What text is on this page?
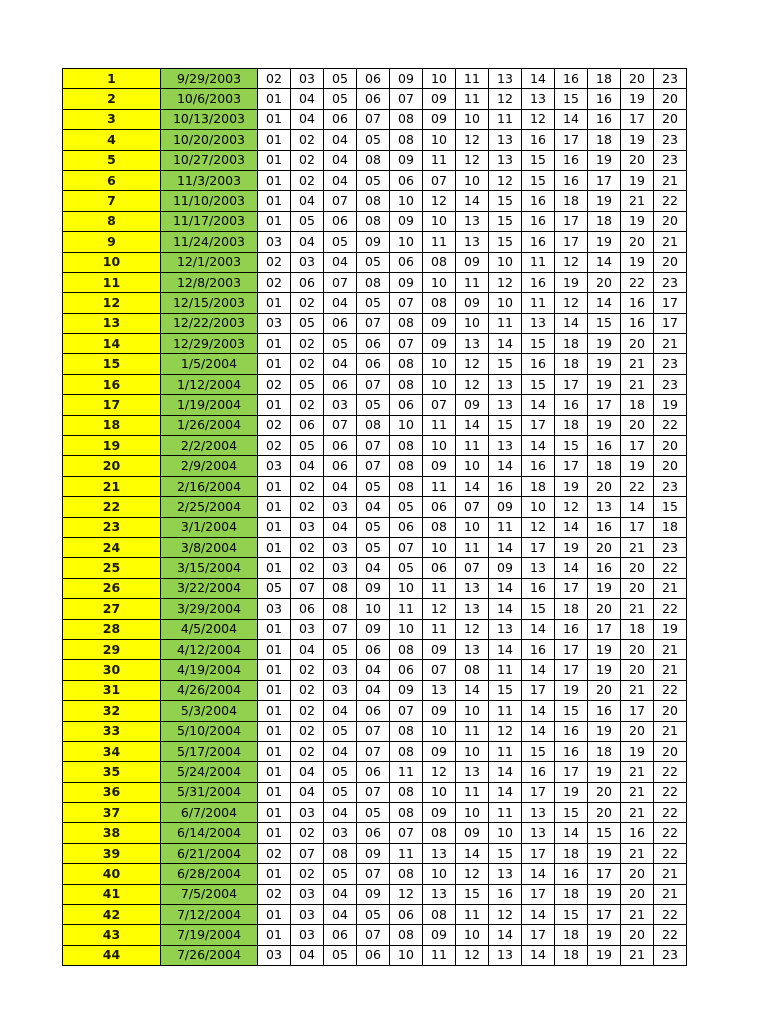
1	9/29/2003	02	03	05	06	09	10	11	13	14	16	18	20	23
2	10/6/2003	01	04	05	06	07	09	11	12	13	15	16	19	20
3	10/13/2003	01	04	06	07	08	09	10	11	12	14	16	17	20
4	10/20/2003	01	02	04	05	08	10	12	13	16	17	18	19	23
5	10/27/2003	01	02	04	08	09	11	12	13	15	16	19	20	23
6	11/3/2003	01	02	04	05	06	07	10	12	15	16	17	19	21
7	11/10/2003	01	04	07	08	10	12	14	15	16	18	19	21	22
8	11/17/2003	01	05	06	08	09	10	13	15	16	17	18	19	20
9	11/24/2003	03	04	05	09	10	11	13	15	16	17	19	20	21
10	12/1/2003	02	03	04	05	06	08	09	10	11	12	14	19	20
11	12/8/2003	02	06	07	08	09	10	11	12	16	19	20	22	23
12	12/15/2003	01	02	04	05	07	08	09	10	11	12	14	16	17
13	12/22/2003	03	05	06	07	08	09	10	11	13	14	15	16	17
14	12/29/2003	01	02	05	06	07	09	13	14	15	18	19	20	21
15	1/5/2004	01	02	04	06	08	10	12	15	16	18	19	21	23
16	1/12/2004	02	05	06	07	08	10	12	13	15	17	19	21	23
17	1/19/2004	01	02	03	05	06	07	09	13	14	16	17	18	19
18	1/26/2004	02	06	07	08	10	11	14	15	17	18	19	20	22
19	2/2/2004	02	05	06	07	08	10	11	13	14	15	16	17	20
20	2/9/2004	03	04	06	07	08	09	10	14	16	17	18	19	20
21	2/16/2004	01	02	04	05	08	11	14	16	18	19	20	22	23
22	2/25/2004	01	02	03	04	05	06	07	09	10	12	13	14	15
23	3/1/2004	01	03	04	05	06	08	10	11	12	14	16	17	18
24	3/8/2004	01	02	03	05	07	10	11	14	17	19	20	21	23
25	3/15/2004	01	02	03	04	05	06	07	09	13	14	16	20	22
26	3/22/2004	05	07	08	09	10	11	13	14	16	17	19	20	21
27	3/29/2004	03	06	08	10	11	12	13	14	15	18	20	21	22
28	4/5/2004	01	03	07	09	10	11	12	13	14	16	17	18	19
29	4/12/2004	01	04	05	06	08	09	13	14	16	17	19	20	21
30	4/19/2004	01	02	03	04	06	07	08	11	14	17	19	20	21
31	4/26/2004	01	02	03	04	09	13	14	15	17	19	20	21	22
32	5/3/2004	01	02	04	06	07	09	10	11	14	15	16	17	20
33	5/10/2004	01	02	05	07	08	10	11	12	14	16	19	20	21
34	5/17/2004	01	02	04	07	08	09	10	11	15	16	18	19	20
35	5/24/2004	01	04	05	06	11	12	13	14	16	17	19	21	22
36	5/31/2004	01	04	05	07	08	10	11	14	17	19	20	21	22
37	6/7/2004	01	03	04	05	08	09	10	11	13	15	20	21	22
38	6/14/2004	01	02	03	06	07	08	09	10	13	14	15	16	22
39	6/21/2004	02	07	08	09	11	13	14	15	17	18	19	21	22
40	6/28/2004	01	02	05	07	08	10	12	13	14	16	17	20	21
41	7/5/2004	02	03	04	09	12	13	15	16	17	18	19	20	21
42	7/12/2004	01	03	04	05	06	08	11	12	14	15	17	21	22
43	7/19/2004	01	03	06	07	08	09	10	14	17	18	19	20	22
44	7/26/2004	03	04	05	06	10	11	12	13	14	18	19	21	23
